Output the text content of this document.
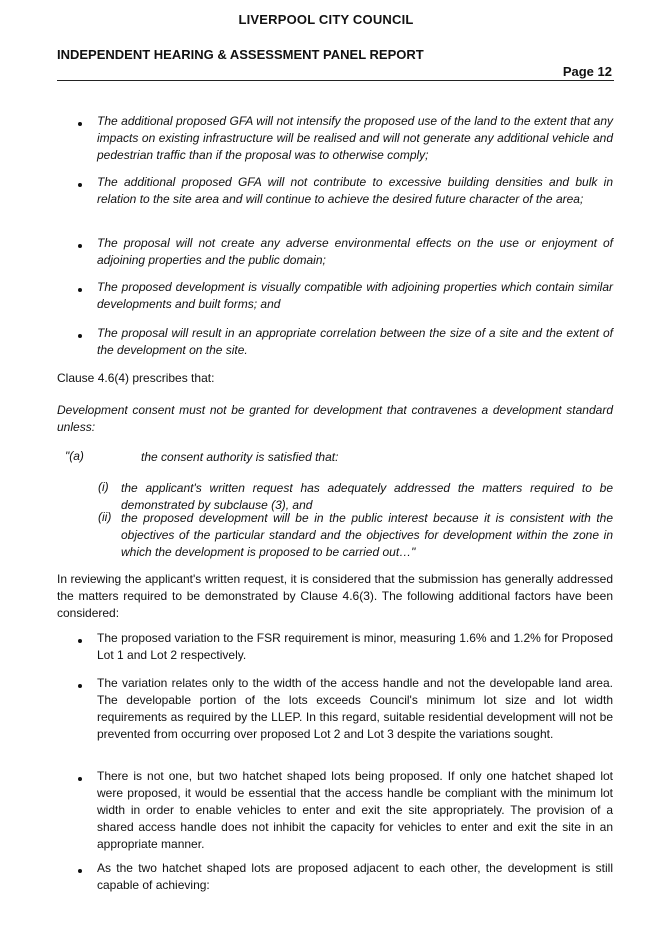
LIVERPOOL CITY COUNCIL
INDEPENDENT HEARING & ASSESSMENT PANEL REPORT
Page 12
The additional proposed GFA will not intensify the proposed use of the land to the extent that any impacts on existing infrastructure will be realised and will not generate any additional vehicle and pedestrian traffic than if the proposal was to otherwise comply;
The additional proposed GFA will not contribute to excessive building densities and bulk in relation to the site area and will continue to achieve the desired future character of the area;
The proposal will not create any adverse environmental effects on the use or enjoyment of adjoining properties and the public domain;
The proposed development is visually compatible with adjoining properties which contain similar developments and built forms; and
The proposal will result in an appropriate correlation between the size of a site and the extent of the development on the site.
Clause 4.6(4) prescribes that:
Development consent must not be granted for development that contravenes a development standard unless:
"(a)	the consent authority is satisfied that:
(i) the applicant's written request has adequately addressed the matters required to be demonstrated by subclause (3), and
(ii) the proposed development will be in the public interest because it is consistent with the objectives of the particular standard and the objectives for development within the zone in which the development is proposed to be carried out…"
In reviewing the applicant's written request, it is considered that the submission has generally addressed the matters required to be demonstrated by Clause 4.6(3). The following additional factors have been considered:
The proposed variation to the FSR requirement is minor, measuring 1.6% and 1.2% for Proposed Lot 1 and Lot 2 respectively.
The variation relates only to the width of the access handle and not the developable land area. The developable portion of the lots exceeds Council's minimum lot size and lot width requirements as required by the LLEP. In this regard, suitable residential development will not be prevented from occurring over proposed Lot 2 and Lot 3 despite the variations sought.
There is not one, but two hatchet shaped lots being proposed. If only one hatchet shaped lot were proposed, it would be essential that the access handle be compliant with the minimum lot width in order to enable vehicles to enter and exit the site appropriately. The provision of a shared access handle does not inhibit the capacity for vehicles to enter and exit the site in an appropriate manner.
As the two hatchet shaped lots are proposed adjacent to each other, the development is still capable of achieving:
